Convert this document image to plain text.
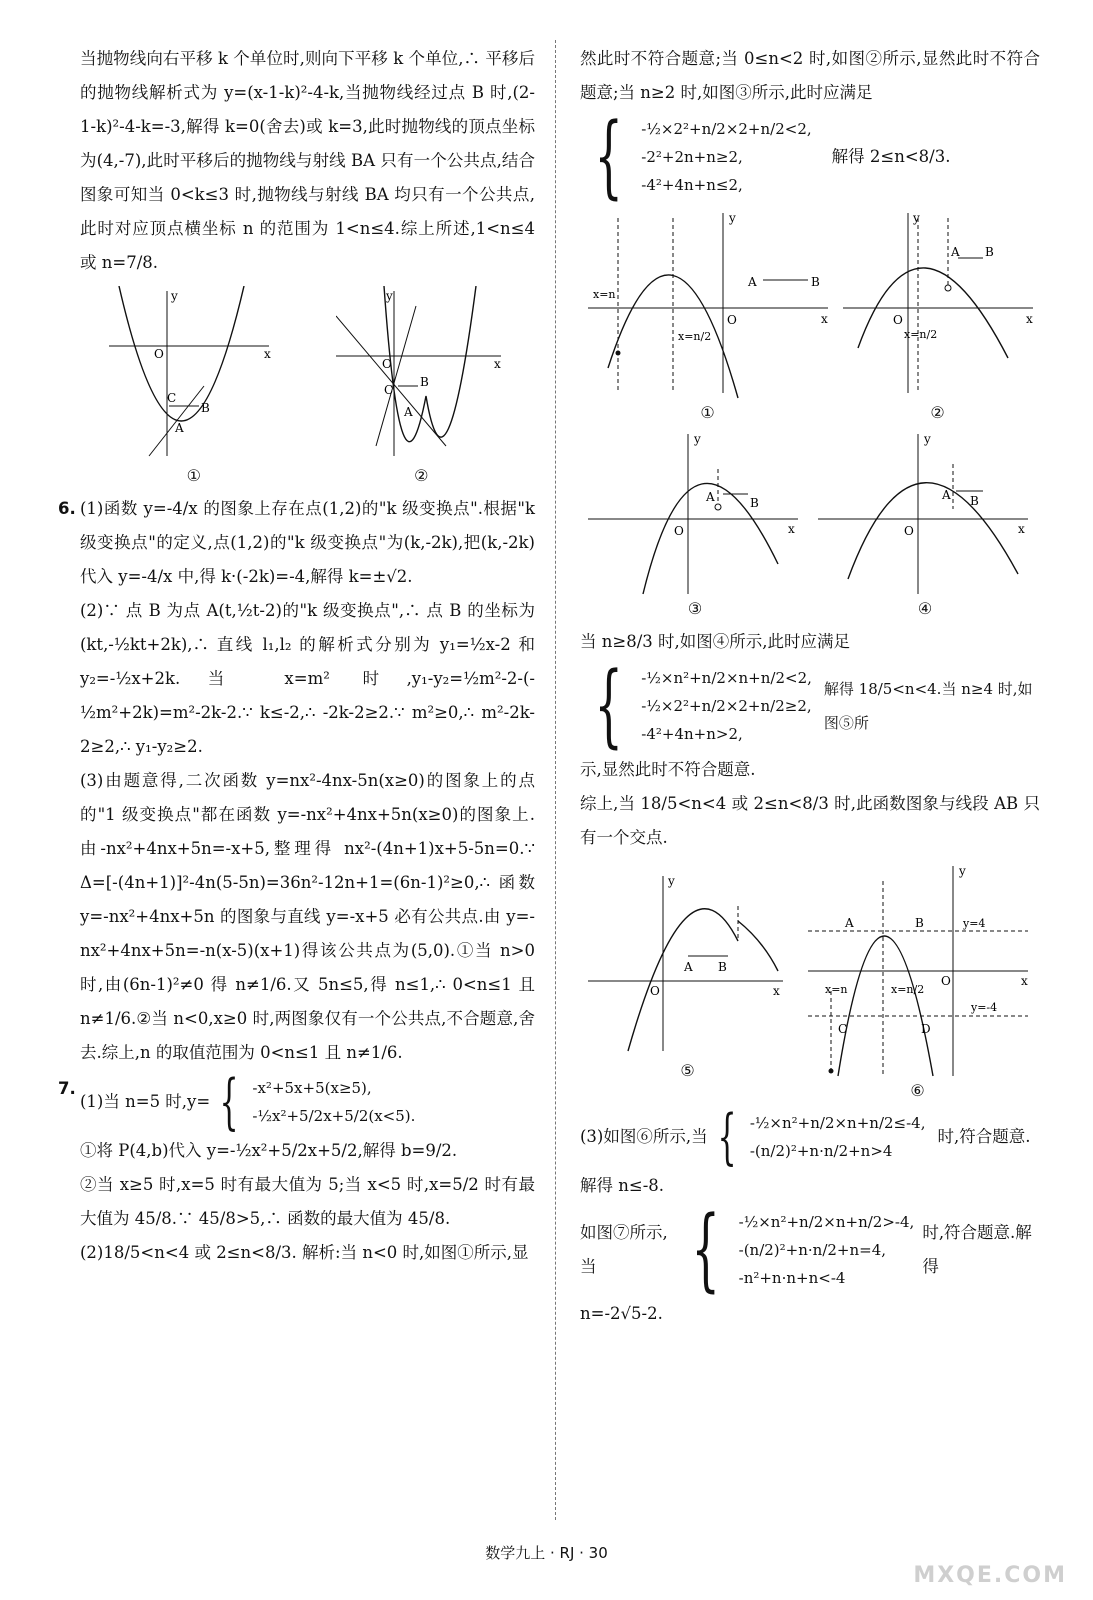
当抛物线向右平移 k 个单位时,则向下平移 k 个单位,∴ 平移后的抛物线解析式为 y=(x-1-k)²-4-k,当抛物线经过点 B 时,(2-1-k)²-4-k=-3,解得 k=0(舍去)或 k=3,此时抛物线的顶点坐标为(4,-7),此时平移后的抛物线与射线 BA 只有一个公共点,结合图象可知当 0<k≤3 时,抛物线与射线 BA 均只有一个公共点,此时对应顶点横坐标 n 的范围为 1<n≤4.综上所述,1<n≤4 或 n=7/8.

x
y
O
C
B
A
①
x
y
O
C
B
A
②
6. (1)函数 y=-4/x 的图象上存在点(1,2)的"k 级变换点".根据"k 级变换点"的定义,点(1,2)的"k 级变换点"为(k,-2k),把(k,-2k)代入 y=-4/x 中,得 k·(-2k)=-4,解得 k=±√2.

(2)∵ 点 B 为点 A(t,½t-2)的"k 级变换点",∴ 点 B 的坐标为(kt,-½kt+2k),∴ 直线 l₁,l₂ 的解析式分别为 y₁=½x-2 和 y₂=-½x+2k.当 x=m² 时,y₁-y₂=½m²-2-(-½m²+2k)=m²-2k-2.∵ k≤-2,∴ -2k-2≥2.∵ m²≥0,∴ m²-2k-2≥2,∴ y₁-y₂≥2.

(3)由题意得,二次函数 y=nx²-4nx-5n(x≥0)的图象上的点的"1 级变换点"都在函数 y=-nx²+4nx+5n(x≥0)的图象上.由-nx²+4nx+5n=-x+5,整理得 nx²-(4n+1)x+5-5n=0.∵ Δ=[-(4n+1)]²-4n(5-5n)=36n²-12n+1=(6n-1)²≥0,∴ 函数 y=-nx²+4nx+5n 的图象与直线 y=-x+5 必有公共点.由 y=-nx²+4nx+5n=-n(x-5)(x+1)得该公共点为(5,0).①当 n>0 时,由(6n-1)²≠0 得 n≠1/6.又 5n≤5,得 n≤1,∴ 0<n≤1 且 n≠1/6.②当 n<0,x≥0 时,两图象仅有一个公共点,不合题意,舍去.综上,n 的取值范围为 0<n≤1 且 n≠1/6.

7.
(1)当 n=5 时,y= { -x²+5x+5(x≥5),
-½x²+5/2x+5/2(x<5).

①将 P(4,b)代入 y=-½x²+5/2x+5/2,解得 b=9/2.

②当 x≥5 时,x=5 时有最大值为 5;当 x<5 时,x=5/2 时有最大值为 45/8.∵ 45/8>5,∴ 函数的最大值为 45/8.

(2)18/5<n<4 或 2≤n<8/3. 解析:当 n<0 时,如图①所示,显

然此时不符合题意;当 0≤n<2 时,如图②所示,显然此时不符合题意;当 n≥2 时,如图③所示,此时应满足

{ -½×2²+n/2×2+n/2<2,
-2²+2n+n≥2,
-4²+4n+n≤2,
解得 2≤n<8/3.
x
y
O
A	B
x=n
x=n/2
①
x
y
O
A B
x=n/2
②
x
y
O
A	B
③
x
y
O
A B
④

当 n≥8/3 时,如图④所示,此时应满足

{ -½×n²+n/2×n+n/2<2,
-½×2²+n/2×2+n/2≥2,
-4²+4n+n>2,
解得 18/5<n<4.当 n≥4 时,如图⑤所

示,显然此时不符合题意.

综上,当 18/5<n<4 或 2≤n<8/3 时,此函数图象与线段 AB 只有一个交点.

x
y
O
A B
⑤
x
y
O
A	B
C	D
y=4
y=-4
x=n	x=n/2
⑥
(3)如图⑥所示,当 { -½×n²+n/2×n+n/2≤-4,
-(n/2)²+n·n/2+n>4
时,符合题意.

解得 n≤-8.

如图⑦所示,当	{ -½×n²+n/2×n+n/2>-4,
-(n/2)²+n·n/2+n=4,
-n²+n·n+n<-4
时,符合题意.解得

n=-2√5-2.

数学九上 · RJ · 30
MXQE.COM
